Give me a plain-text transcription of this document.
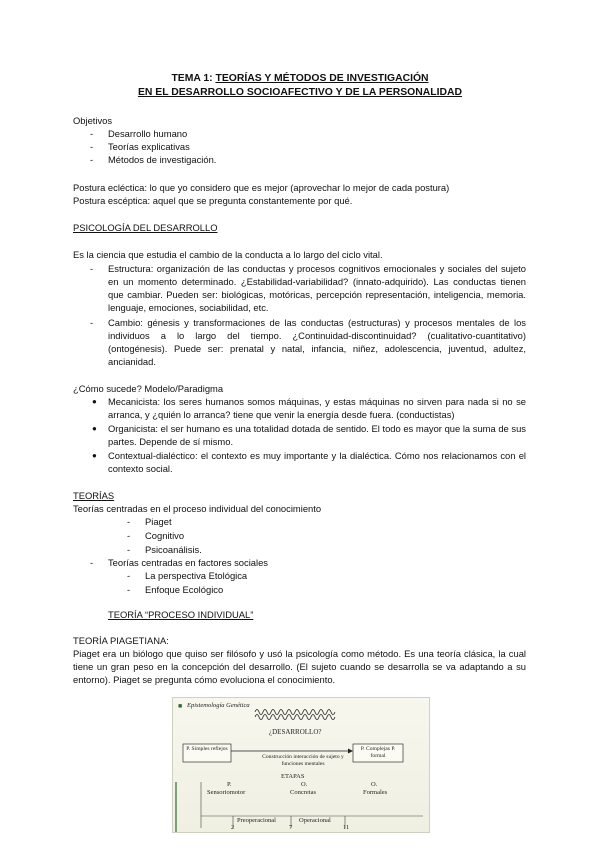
TEMA 1: TEORÍAS Y MÉTODOS DE INVESTIGACIÓN
EN EL DESARROLLO SOCIOAFECTIVO Y DE LA PERSONALIDAD
Objetivos
- Desarrollo humano
- Teorías explicativas
- Métodos de investigación.
Postura ecléctica: lo que yo considero que es mejor (aprovechar lo mejor de cada postura)
Postura escéptica: aquel que se pregunta constantemente por qué.
PSICOLOGÍA DEL DESARROLLO
Es la ciencia que estudia el cambio de la conducta a lo largo del ciclo vital.
- Estructura: organización de las conductas y procesos cognitivos emocionales y sociales del sujeto en un momento determinado. ¿Estabilidad-variabilidad? (innato-adquirido). Las conductas tienen que cambiar. Pueden ser: biológicas, motóricas, percepción representación, inteligencia, memoria. lenguaje, emociones, sociabilidad, etc.
- Cambio: génesis y transformaciones de las conductas (estructuras) y procesos mentales de los individuos a lo largo del tiempo. ¿Continuidad-discontinuidad? (cualitativo-cuantitativo) (ontogénesis). Puede ser: prenatal y natal, infancia, niñez, adolescencia, juventud, adultez, ancianidad.
¿Cómo sucede? Modelo/Paradigma
● Mecanicista: los seres humanos somos máquinas, y estas máquinas no sirven para nada si no se arranca, y ¿quién lo arranca? tiene que venir la energía desde fuera. (conductistas)
● Organicista: el ser humano es una totalidad dotada de sentido. El todo es mayor que la suma de sus partes. Depende de sí mismo.
● Contextual-dialéctico: el contexto es muy importante y la dialéctica. Cómo nos relacionamos con el contexto social.
TEORÍAS
Teorías centradas en el proceso individual del conocimiento
- Piaget
- Cognitivo
- Psicoanálisis.
- Teorías centradas en factores sociales
- La perspectiva Etológica
- Enfoque Ecológico
TEORÍA “PROCESO INDIVIDUAL”
TEORÍA PIAGETIANA:
Piaget era un biólogo que quiso ser filósofo y usó la psicología como método. Es una teoría clásica, la cual tiene un gran peso en la concepción del desarrollo. (El sujeto cuando se desarrolla se va adaptando a su entorno). Piaget se pregunta cómo evoluciona el conocimiento.
■ Epistemología Genética
¿DESARROLLO?
P. Simples reflejos	P. Complejas P. formal
Construcción interacción de sujeto y funciones mentales
ETAPAS
P.
Sensoriomotor
O.
Concretas
O.
Formales
Preoperacional	Operacional
2	7	11
